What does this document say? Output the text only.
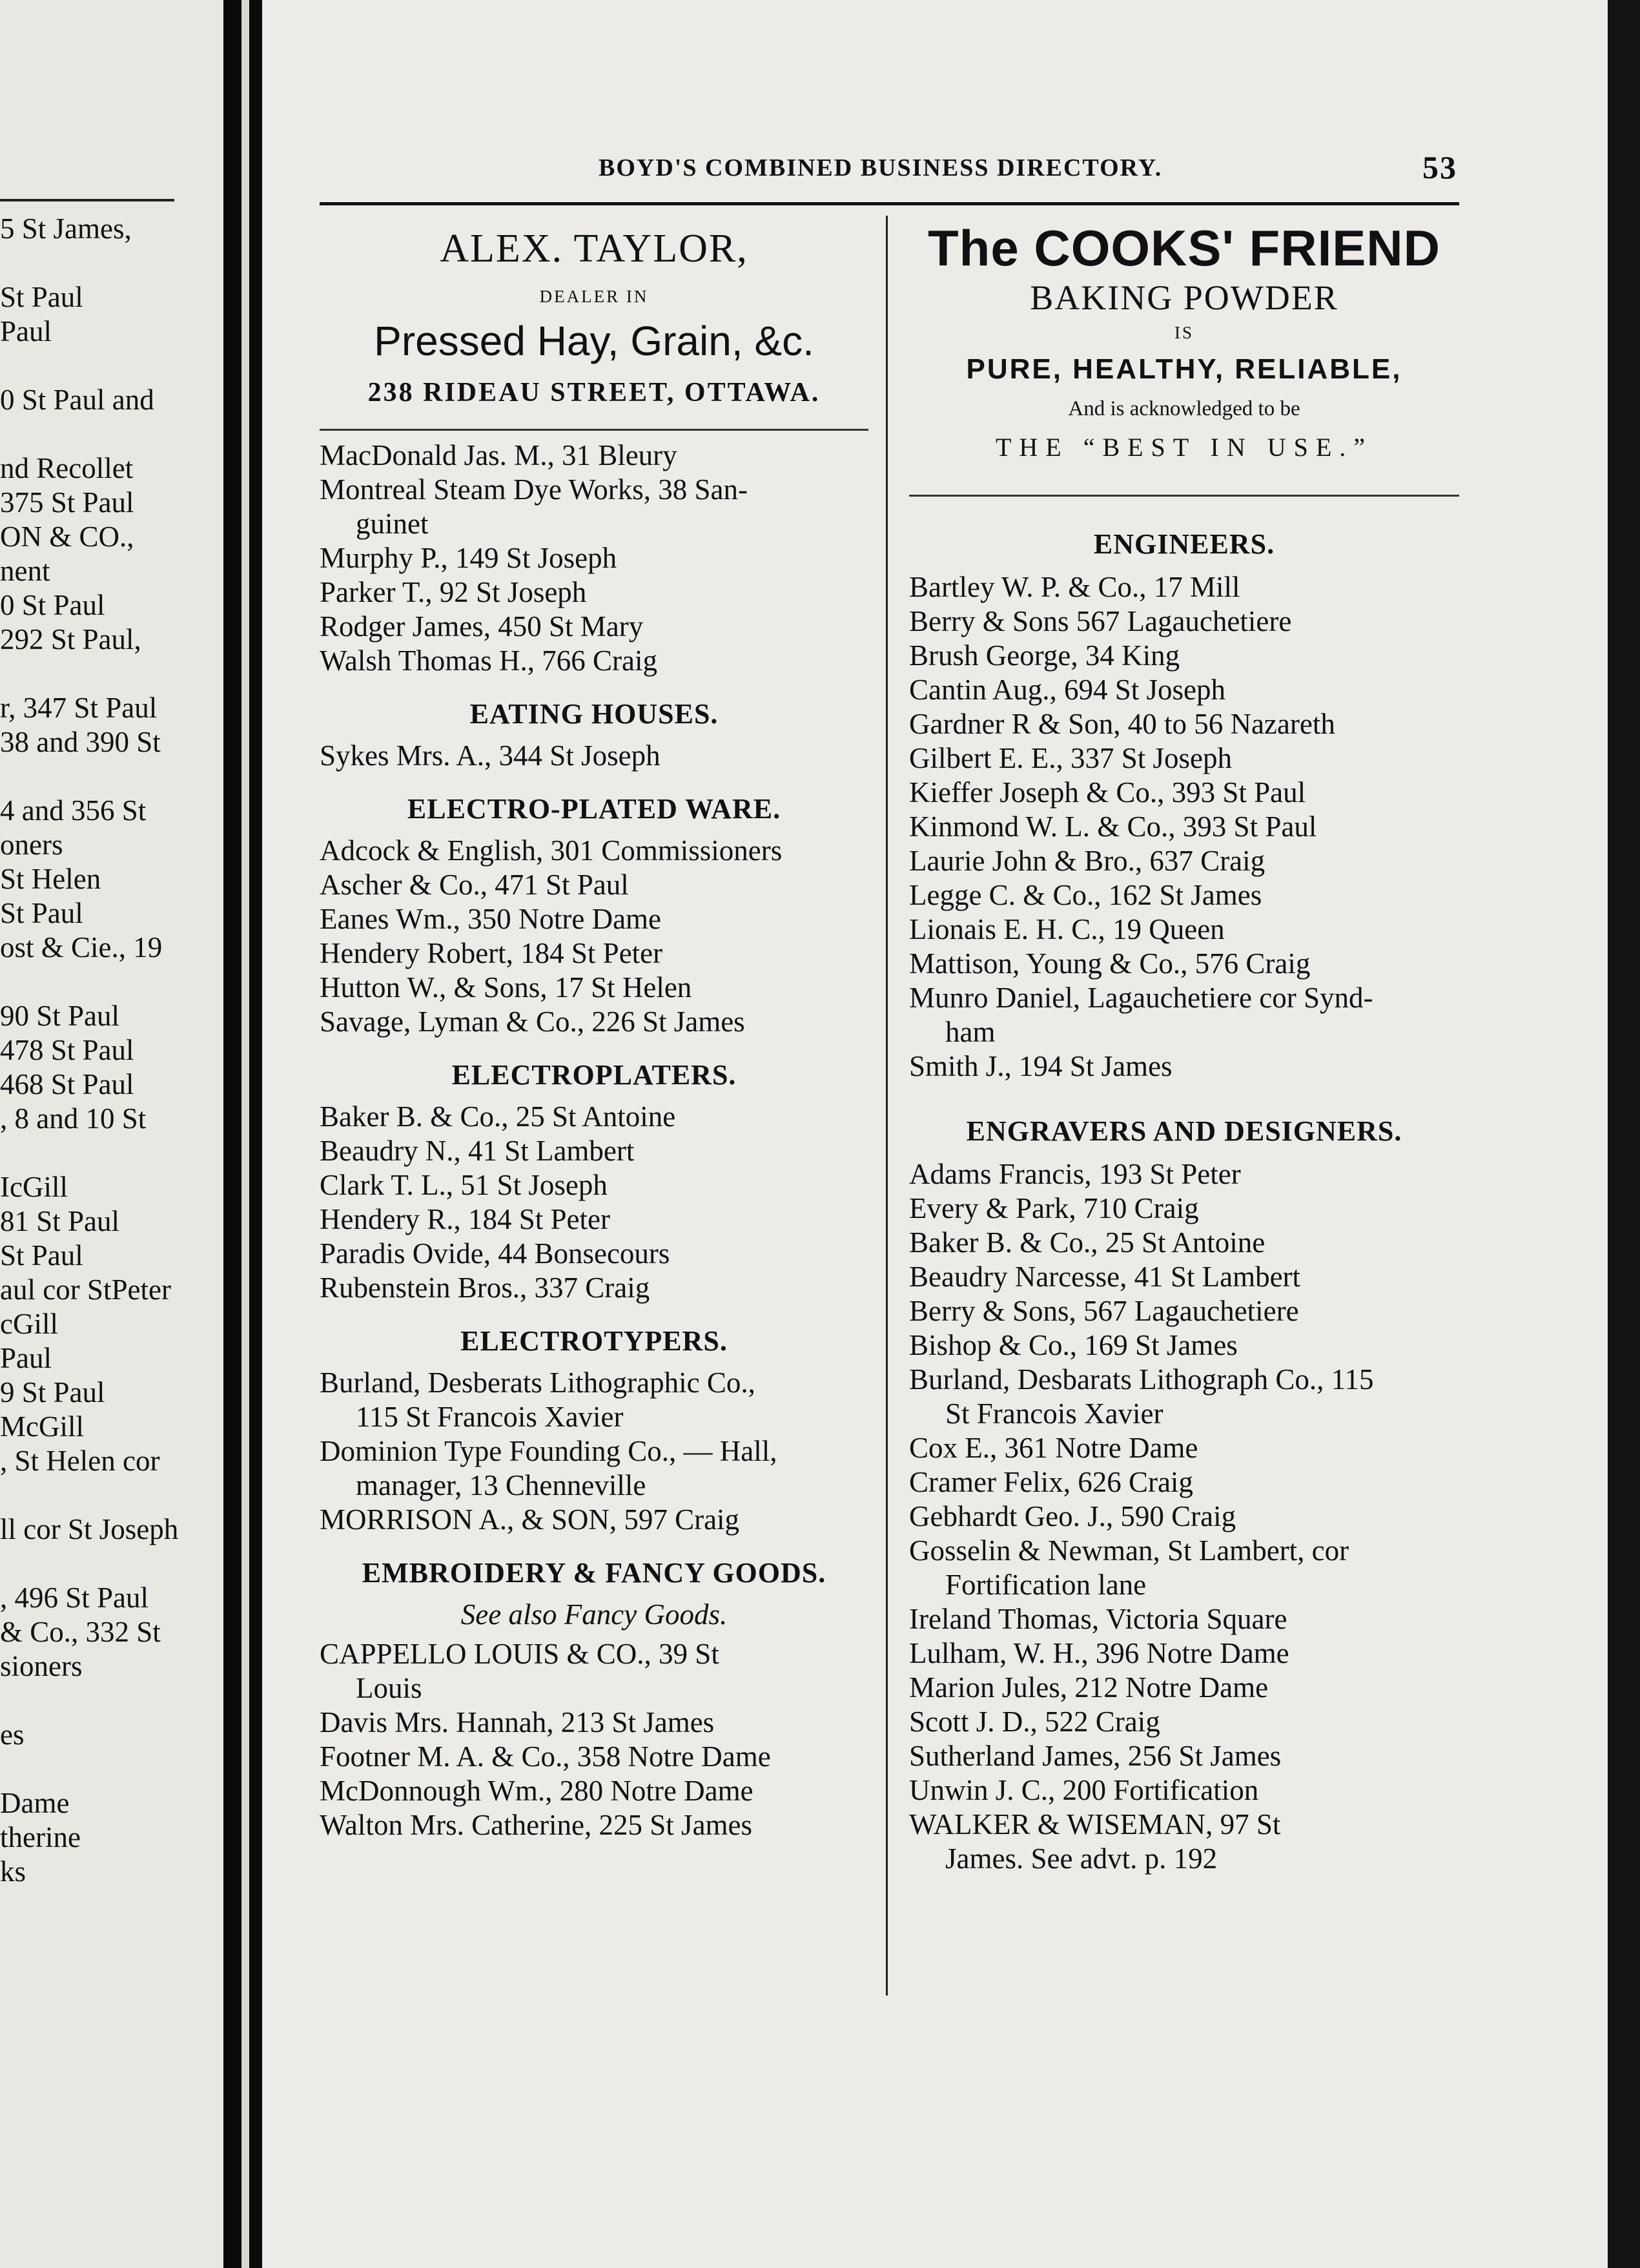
5 St James,
St Paul
Paul
0 St Paul and
nd Recollet
375 St Paul
ON & CO.,
nent
0 St Paul
292 St Paul,
r, 347 St Paul
38 and 390 St
4 and 356 St
oners
St Helen
St Paul
ost & Cie., 19
90 St Paul
478 St Paul
468 St Paul
, 8 and 10 St
IcGill
81 St Paul
St Paul
aul cor StPeter
cGill
Paul
9 St Paul
McGill
, St Helen cor
ll cor St Joseph
, 496 St Paul
& Co., 332 St
sioners
es
Dame
therine
ks
BOYD'S COMBINED BUSINESS DIRECTORY.	53
ALEX. TAYLOR,
DEALER IN
Pressed Hay, Grain, &c.
238 RIDEAU STREET, OTTAWA.
MacDonald Jas. M., 31 Bleury
Montreal Steam Dye Works, 38 San-
guinet
Murphy P., 149 St Joseph
Parker T., 92 St Joseph
Rodger James, 450 St Mary
Walsh Thomas H., 766 Craig
EATING HOUSES.
Sykes Mrs. A., 344 St Joseph
ELECTRO-PLATED WARE.
Adcock & English, 301 Commissioners
Ascher & Co., 471 St Paul
Eanes Wm., 350 Notre Dame
Hendery Robert, 184 St Peter
Hutton W., & Sons, 17 St Helen
Savage, Lyman & Co., 226 St James
ELECTROPLATERS.
Baker B. & Co., 25 St Antoine
Beaudry N., 41 St Lambert
Clark T. L., 51 St Joseph
Hendery R., 184 St Peter
Paradis Ovide, 44 Bonsecours
Rubenstein Bros., 337 Craig
ELECTROTYPERS.
Burland, Desberats Lithographic Co.,
115 St Francois Xavier
Dominion Type Founding Co., — Hall,
manager, 13 Chenneville
MORRISON A., & SON, 597 Craig
EMBROIDERY & FANCY GOODS.
See also Fancy Goods.
CAPPELLO LOUIS & CO., 39 St
Louis
Davis Mrs. Hannah, 213 St James
Footner M. A. & Co., 358 Notre Dame
McDonnough Wm., 280 Notre Dame
Walton Mrs. Catherine, 225 St James
The COOKS' FRIEND
BAKING POWDER
IS
PURE, HEALTHY, RELIABLE,
And is acknowledged to be
THE “BEST IN USE.”
ENGINEERS.
Bartley W. P. & Co., 17 Mill
Berry & Sons 567 Lagauchetiere
Brush George, 34 King
Cantin Aug., 694 St Joseph
Gardner R & Son, 40 to 56 Nazareth
Gilbert E. E., 337 St Joseph
Kieffer Joseph & Co., 393 St Paul
Kinmond W. L. & Co., 393 St Paul
Laurie John & Bro., 637 Craig
Legge C. & Co., 162 St James
Lionais E. H. C., 19 Queen
Mattison, Young & Co., 576 Craig
Munro Daniel, Lagauchetiere cor Synd-
ham
Smith J., 194 St James
ENGRAVERS AND DESIGNERS.
Adams Francis, 193 St Peter
Every & Park, 710 Craig
Baker B. & Co., 25 St Antoine
Beaudry Narcesse, 41 St Lambert
Berry & Sons, 567 Lagauchetiere
Bishop & Co., 169 St James
Burland, Desbarats Lithograph Co., 115
St Francois Xavier
Cox E., 361 Notre Dame
Cramer Felix, 626 Craig
Gebhardt Geo. J., 590 Craig
Gosselin & Newman, St Lambert, cor
Fortification lane
Ireland Thomas, Victoria Square
Lulham, W. H., 396 Notre Dame
Marion Jules, 212 Notre Dame
Scott J. D., 522 Craig
Sutherland James, 256 St James
Unwin J. C., 200 Fortification
WALKER & WISEMAN, 97 St
James. See advt. p. 192
